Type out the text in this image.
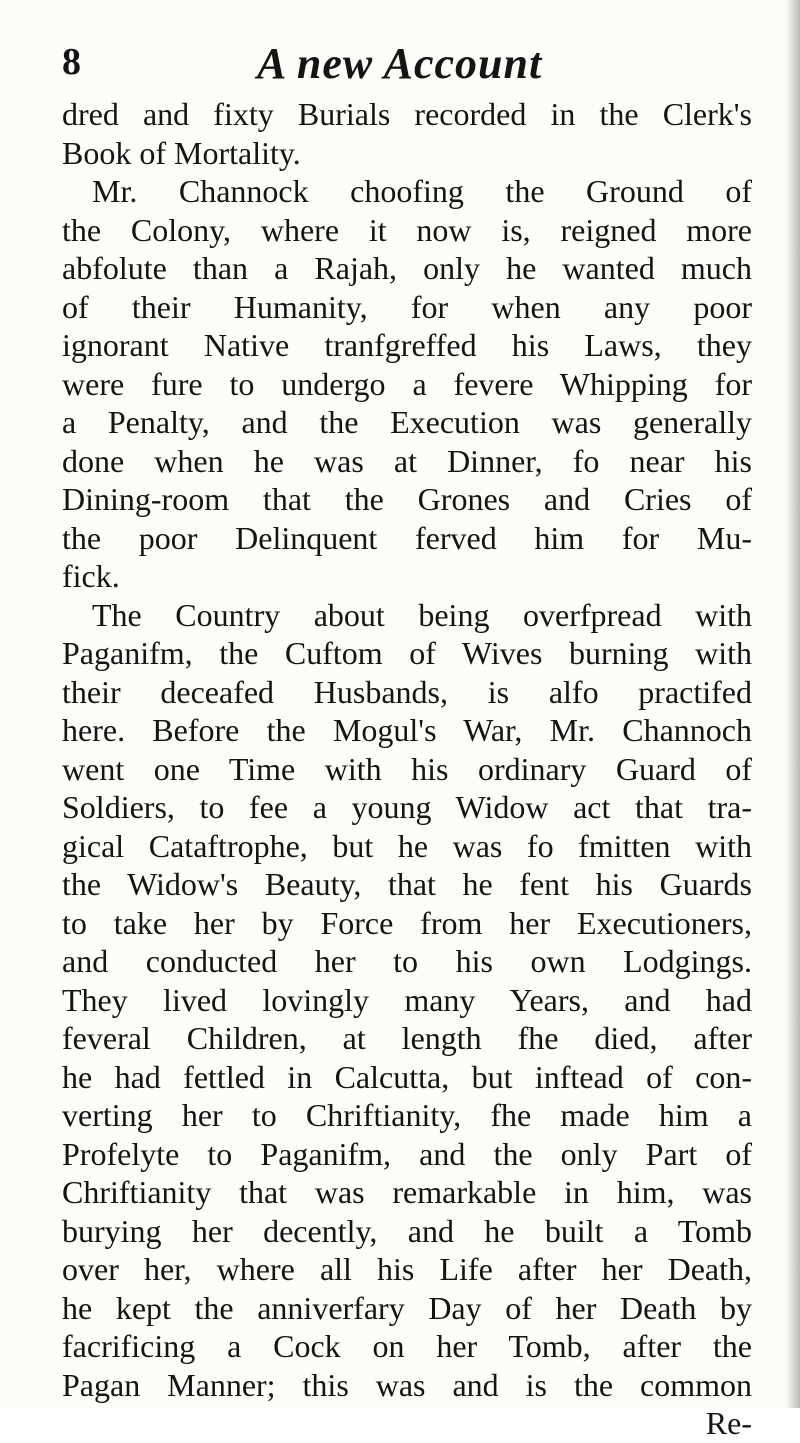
8	A new Account
dred and fixty Burials recorded in the Clerk's
Book of Mortality.
Mr. Channock choofing the Ground of
the Colony, where it now is, reigned more
abfolute than a Rajah, only he wanted much
of their Humanity, for when any poor
ignorant Native tranfgreffed his Laws, they
were fure to undergo a fevere Whipping for
a Penalty, and the Execution was generally
done when he was at Dinner, fo near his
Dining-room that the Grones and Cries of
the poor Delinquent ferved him for Mu-
fick.
The Country about being overfpread with
Paganifm, the Cuftom of Wives burning with
their deceafed Husbands, is alfo practifed
here. Before the Mogul's War, Mr. Channoch
went one Time with his ordinary Guard of
Soldiers, to fee a young Widow act that tra-
gical Cataftrophe, but he was fo fmitten with
the Widow's Beauty, that he fent his Guards
to take her by Force from her Executioners,
and conducted her to his own Lodgings.
They lived lovingly many Years, and had
feveral Children, at length fhe died, after
he had fettled in Calcutta, but inftead of con-
verting her to Chriftianity, fhe made him a
Profelyte to Paganifm, and the only Part of
Chriftianity that was remarkable in him, was
burying her decently, and he built a Tomb
over her, where all his Life after her Death,
he kept the anniverfary Day of her Death by
facrificing a Cock on her Tomb, after the
Pagan Manner; this was and is the common
Re-
